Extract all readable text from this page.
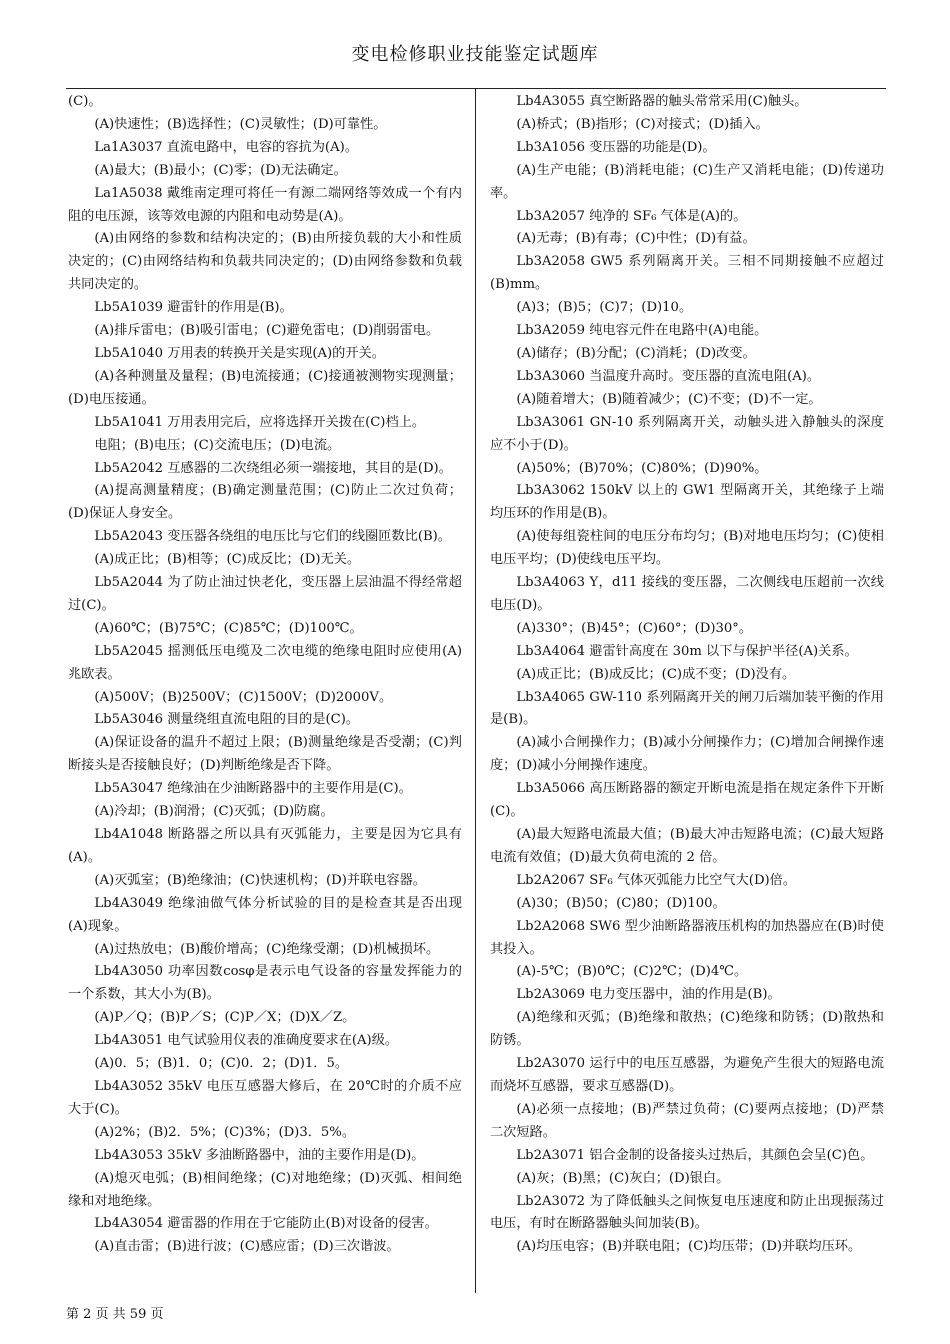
变电检修职业技能鉴定试题库

(C)。

(A)快速性；(B)选择性；(C)灵敏性；(D)可靠性。

La1A3037 直流电路中，电容的容抗为(A)。

(A)最大；(B)最小；(C)零；(D)无法确定。

La1A5038 戴维南定理可将任一有源二端网络等效成一个有内阻的电压源，该等效电源的内阻和电动势是(A)。

(A)由网络的参数和结构决定的；(B)由所接负载的大小和性质决定的；(C)由网络结构和负载共同决定的；(D)由网络参数和负载共同决定的。

Lb5A1039 避雷针的作用是(B)。

(A)排斥雷电；(B)吸引雷电；(C)避免雷电；(D)削弱雷电。

Lb5A1040 万用表的转换开关是实现(A)的开关。

(A)各种测量及量程；(B)电流接通；(C)接通被测物实现测量；(D)电压接通。

Lb5A1041 万用表用完后，应将选择开关拨在(C)档上。

电阻；(B)电压；(C)交流电压；(D)电流。

Lb5A2042 互感器的二次绕组必须一端接地，其目的是(D)。

(A)提高测量精度；(B)确定测量范围；(C)防止二次过负荷；(D)保证人身安全。

Lb5A2043 变压器各绕组的电压比与它们的线圈匝数比(B)。

(A)成正比；(B)相等；(C)成反比；(D)无关。

Lb5A2044 为了防止油过快老化，变压器上层油温不得经常超过(C)。

(A)60℃；(B)75℃；(C)85℃；(D)100℃。

Lb5A2045 摇测低压电缆及二次电缆的绝缘电阻时应使用(A)兆欧表。

(A)500V；(B)2500V；(C)1500V；(D)2000V。

Lb5A3046 测量绕组直流电阻的目的是(C)。

(A)保证设备的温升不超过上限；(B)测量绝缘是否受潮；(C)判断接头是否接触良好；(D)判断绝缘是否下降。

Lb5A3047 绝缘油在少油断路器中的主要作用是(C)。

(A)冷却；(B)润滑；(C)灭弧；(D)防腐。

Lb4A1048 断路器之所以具有灭弧能力，主要是因为它具有(A)。

(A)灭弧室；(B)绝缘油；(C)快速机构；(D)并联电容器。

Lb4A3049 绝缘油做气体分析试验的目的是检查其是否出现(A)现象。

(A)过热放电；(B)酸价增高；(C)绝缘受潮；(D)机械损坏。

Lb4A3050 功率因数cosφ是表示电气设备的容量发挥能力的一个系数，其大小为(B)。

(A)P／Q；(B)P／S；(C)P／X；(D)X／Z。

Lb4A3051 电气试验用仪表的准确度要求在(A)级。

(A)0．5；(B)1．0；(C)0．2；(D)1．5。

Lb4A3052 35kV 电压互感器大修后，在 20℃时的介质不应大于(C)。

(A)2%；(B)2．5%；(C)3%；(D)3．5%。

Lb4A3053 35kV 多油断路器中，油的主要作用是(D)。

(A)熄灭电弧；(B)相间绝缘；(C)对地绝缘；(D)灭弧、相间绝缘和对地绝缘。

Lb4A3054 避雷器的作用在于它能防止(B)对设备的侵害。

(A)直击雷；(B)进行波；(C)感应雷；(D)三次谐波。

Lb4A3055 真空断路器的触头常常采用(C)触头。

(A)桥式；(B)指形；(C)对接式；(D)插入。

Lb3A1056 变压器的功能是(D)。

(A)生产电能；(B)消耗电能；(C)生产又消耗电能；(D)传递功率。

Lb3A2057 纯净的 SF₆ 气体是(A)的。

(A)无毒；(B)有毒；(C)中性；(D)有益。

Lb3A2058 GW5 系列隔离开关。三相不同期接触不应超过(B)mm。

(A)3；(B)5；(C)7；(D)10。

Lb3A2059 纯电容元件在电路中(A)电能。

(A)储存；(B)分配；(C)消耗；(D)改变。

Lb3A3060 当温度升高时。变压器的直流电阻(A)。

(A)随着增大；(B)随着减少；(C)不变；(D)不一定。

Lb3A3061 GN-10 系列隔离开关，动触头进入静触头的深度应不小于(D)。

(A)50%；(B)70%；(C)80%；(D)90%。

Lb3A3062 150kV 以上的 GW1 型隔离开关，其绝缘子上端均压环的作用是(B)。

(A)使每组瓷柱间的电压分布均匀；(B)对地电压均匀；(C)使相电压平均；(D)使线电压平均。

Lb3A4063 Y，d11 接线的变压器，二次侧线电压超前一次线电压(D)。

(A)330°；(B)45°；(C)60°；(D)30°。

Lb3A4064 避雷针高度在 30m 以下与保护半径(A)关系。

(A)成正比；(B)成反比；(C)成不变；(D)没有。

Lb3A4065 GW-110 系列隔离开关的闸刀后端加装平衡的作用是(B)。

(A)减小合闸操作力；(B)减小分闸操作力；(C)增加合闸操作速度；(D)减小分闸操作速度。

Lb3A5066 高压断路器的额定开断电流是指在规定条件下开断(C)。

(A)最大短路电流最大值；(B)最大冲击短路电流；(C)最大短路电流有效值；(D)最大负荷电流的 2 倍。

Lb2A2067 SF₆ 气体灭弧能力比空气大(D)倍。

(A)30；(B)50；(C)80；(D)100。

Lb2A2068 SW6 型少油断路器液压机构的加热器应在(B)时使其投入。

(A)-5℃；(B)0℃；(C)2℃；(D)4℃。

Lb2A3069 电力变压器中，油的作用是(B)。

(A)绝缘和灭弧；(B)绝缘和散热；(C)绝缘和防锈；(D)散热和防锈。

Lb2A3070 运行中的电压互感器，为避免产生很大的短路电流而烧坏互感器，要求互感器(D)。

(A)必须一点接地；(B)严禁过负荷；(C)要两点接地；(D)严禁二次短路。

Lb2A3071 铝合金制的设备接头过热后，其颜色会呈(C)色。

(A)灰；(B)黑；(C)灰白；(D)银白。

Lb2A3072 为了降低触头之间恢复电压速度和防止出现振荡过电压，有时在断路器触头间加装(B)。

(A)均压电容；(B)并联电阻；(C)均压带；(D)并联均压环。

第 2 页 共 59 页
